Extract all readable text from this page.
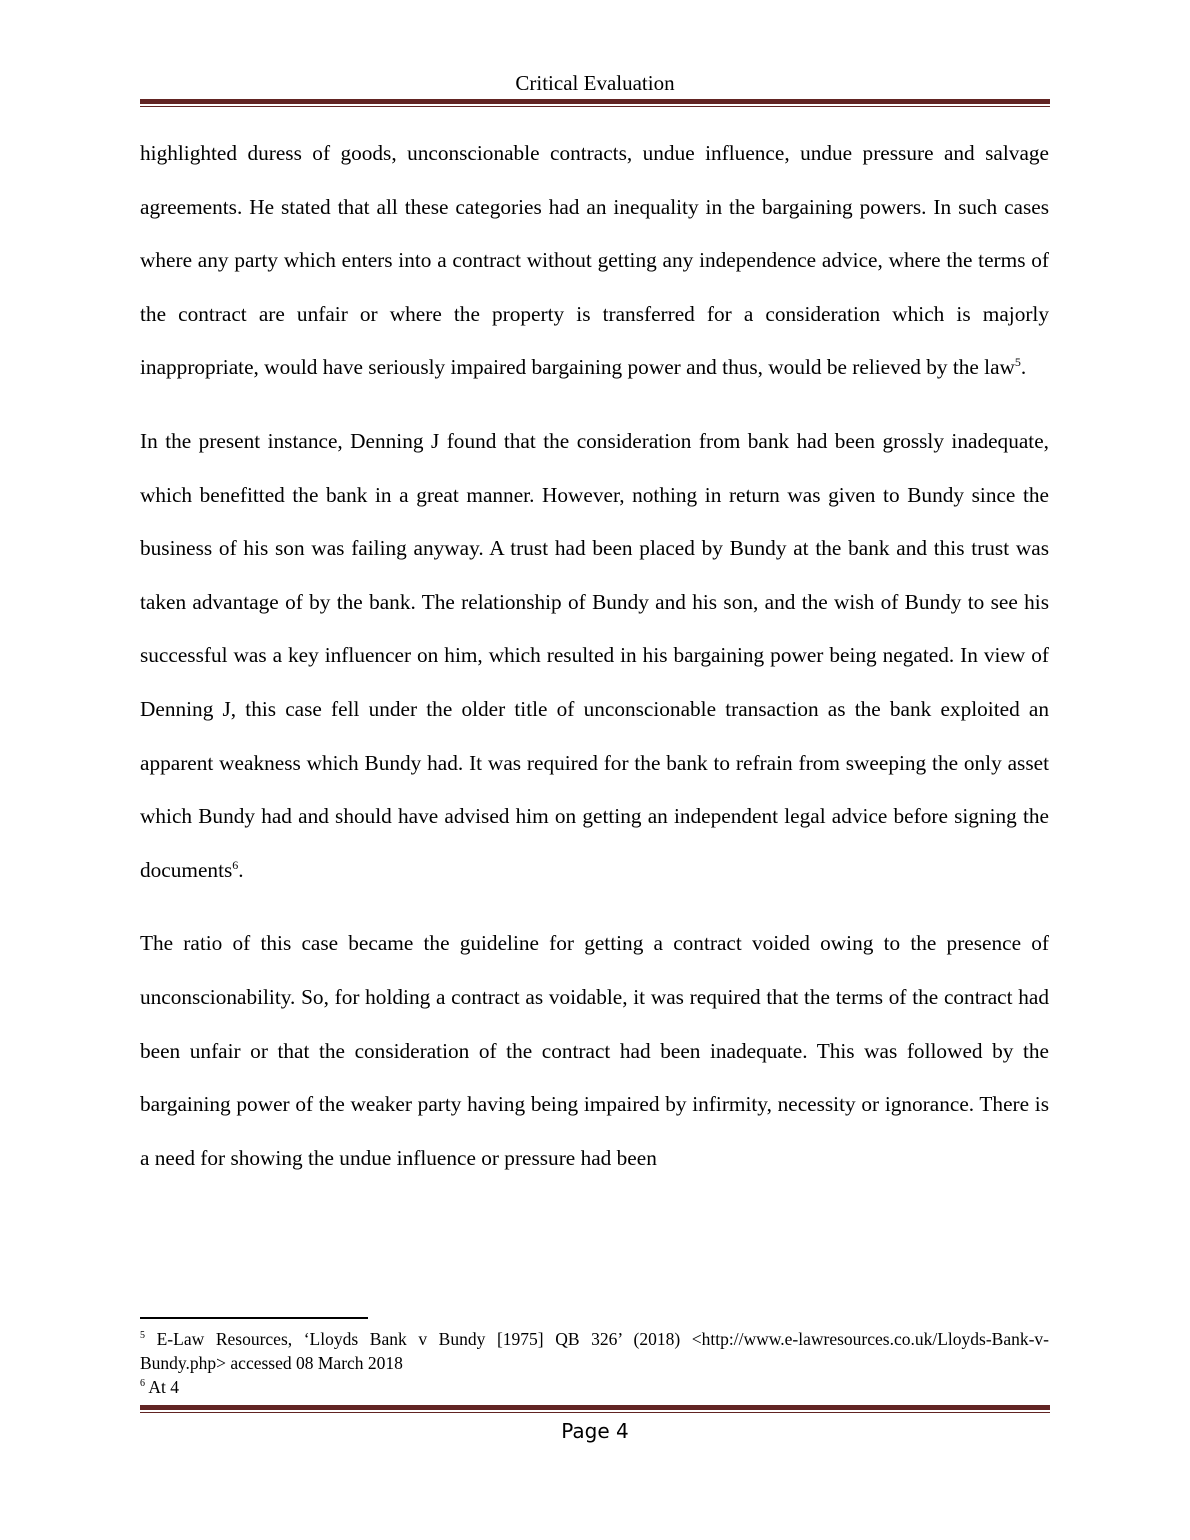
Critical Evaluation

highlighted duress of goods, unconscionable contracts, undue influence, undue pressure and salvage agreements. He stated that all these categories had an inequality in the bargaining powers. In such cases where any party which enters into a contract without getting any independence advice, where the terms of the contract are unfair or where the property is transferred for a consideration which is majorly inappropriate, would have seriously impaired bargaining power and thus, would be relieved by the law$^5$.

In the present instance, Denning J found that the consideration from bank had been grossly inadequate, which benefitted the bank in a great manner. However, nothing in return was given to Bundy since the business of his son was failing anyway. A trust had been placed by Bundy at the bank and this trust was taken advantage of by the bank. The relationship of Bundy and his son, and the wish of Bundy to see his successful was a key influencer on him, which resulted in his bargaining power being negated. In view of Denning J, this case fell under the older title of unconscionable transaction as the bank exploited an apparent weakness which Bundy had. It was required for the bank to refrain from sweeping the only asset which Bundy had and should have advised him on getting an independent legal advice before signing the documents$^6$.

The ratio of this case became the guideline for getting a contract voided owing to the presence of unconscionability. So, for holding a contract as voidable, it was required that the terms of the contract had been unfair or that the consideration of the contract had been inadequate. This was followed by the bargaining power of the weaker party having being impaired by infirmity, necessity or ignorance. There is a need for showing the undue influence or pressure had been

$^5$ E-Law Resources, ‘Lloyds Bank v Bundy [1975] QB 326’ (2018) <http://www.e-lawresources.co.uk/Lloyds-Bank-v-Bundy.php> accessed 08 March 2018

$^6$ At 4

Page 4
